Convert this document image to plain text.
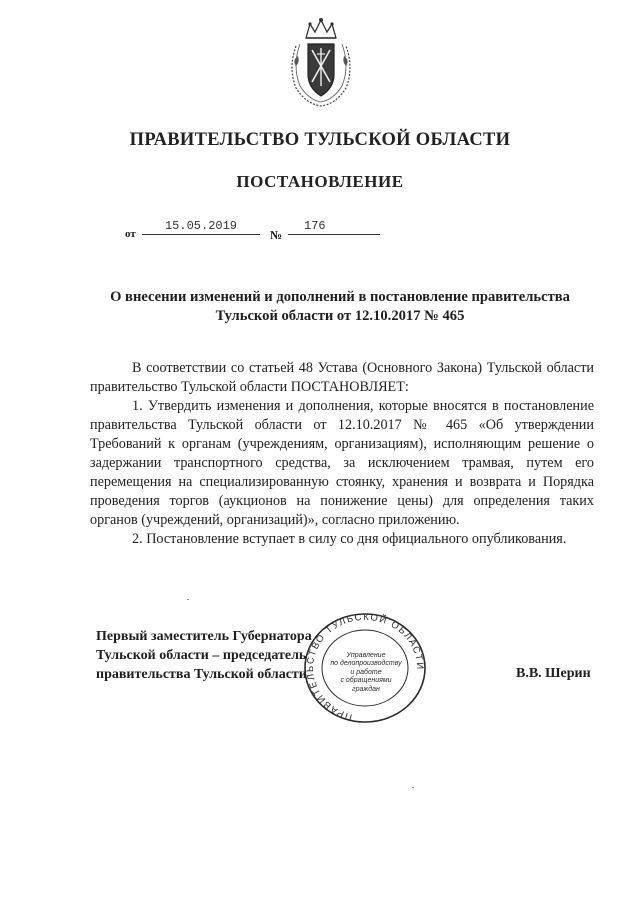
ПРАВИТЕЛЬСТВО ТУЛЬСКОЙ ОБЛАСТИ
ПОСТАНОВЛЕНИЕ
от
15.05.2019
№
176
О внесении изменений и дополнений в постановление правительства
Тульской области от 12.10.2017 № 465

В соответствии со статьей 48 Устава (Основного Закона) Тульской области правительство Тульской области ПОСТАНОВЛЯЕТ:

1. Утвердить изменения и дополнения, которые вносятся в постановление правительства Тульской области от 12.10.2017 № 465 «Об утверждении Требований к органам (учреждениям, организациям), исполняющим решение о задержании транспортного средства, за исключением трамвая, путем его перемещения на специализированную стоянку, хранения и возврата и Порядка проведения торгов (аукционов на понижение цены) для определения таких органов (учреждений, организаций)», согласно приложению.

2. Постановление вступает в силу со дня официального опубликования.

Первый заместитель Губернатора
Тульской области – председатель
правительства Тульской области
ПРАВИТЕЛЬСТВО ТУЛЬСКОЙ ОБЛАСТИ
Управление
по делопроизводству
и работе
с обращениями
граждан
В.В. Шерин
